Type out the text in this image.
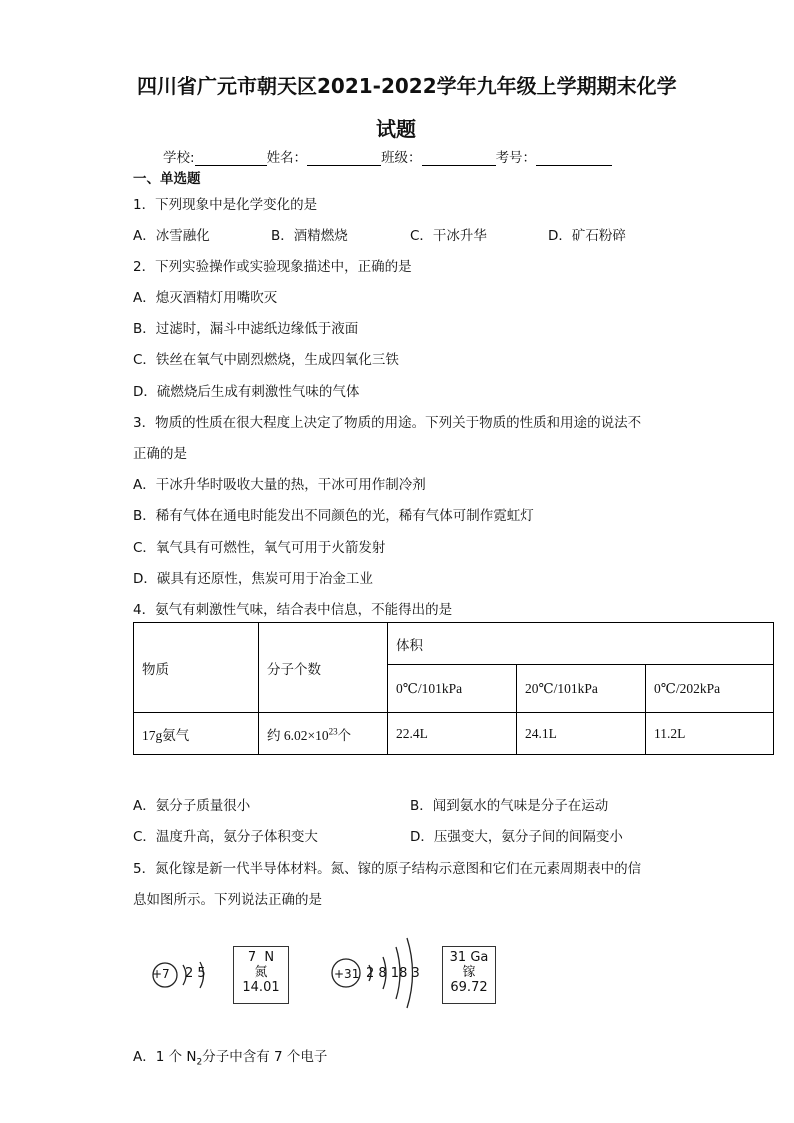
四川省广元市朝天区2021-2022学年九年级上学期期末化学
试题
学校:	姓名：	班级：	考号：
一、单选题
1．下列现象中是化学变化的是
A．冰雪融化	B．酒精燃烧	C．干冰升华	D．矿石粉碎
2．下列实验操作或实验现象描述中，正确的是
A．熄灭酒精灯用嘴吹灭
B．过滤时，漏斗中滤纸边缘低于液面
C．铁丝在氧气中剧烈燃烧，生成四氧化三铁
D．硫燃烧后生成有刺激性气味的气体
3．物质的性质在很大程度上决定了物质的用途。下列关于物质的性质和用途的说法不
正确的是
A．干冰升华时吸收大量的热，干冰可用作制冷剂
B．稀有气体在通电时能发出不同颜色的光，稀有气体可制作霓虹灯
C．氧气具有可燃性，氧气可用于火箭发射
D．碳具有还原性，焦炭可用于冶金工业
4．氨气有刺激性气味，结合表中信息，不能得出的是
物质	分子个数	体积		
		0℃/101kPa	20℃/101kPa	0℃/202kPa
17g氨气	约 $6.02\times 10^{23}$个	22.4L	24.1L	11.2L
A．氨分子质量很小	B．闻到氨水的气味是分子在运动
C．温度升高，氨分子体积变大	D．压强变大，氨分子间的间隔变小
5．氮化镓是新一代半导体材料。氮、镓的原子结构示意图和它们在元素周期表中的信
息如图所示。下列说法正确的是
+7 2 5
7 N
氮
14.01
+31 2 8 18 3
31 Ga
镓
69.72
A．1 个 $N_2$分子中含有 7 个电子
